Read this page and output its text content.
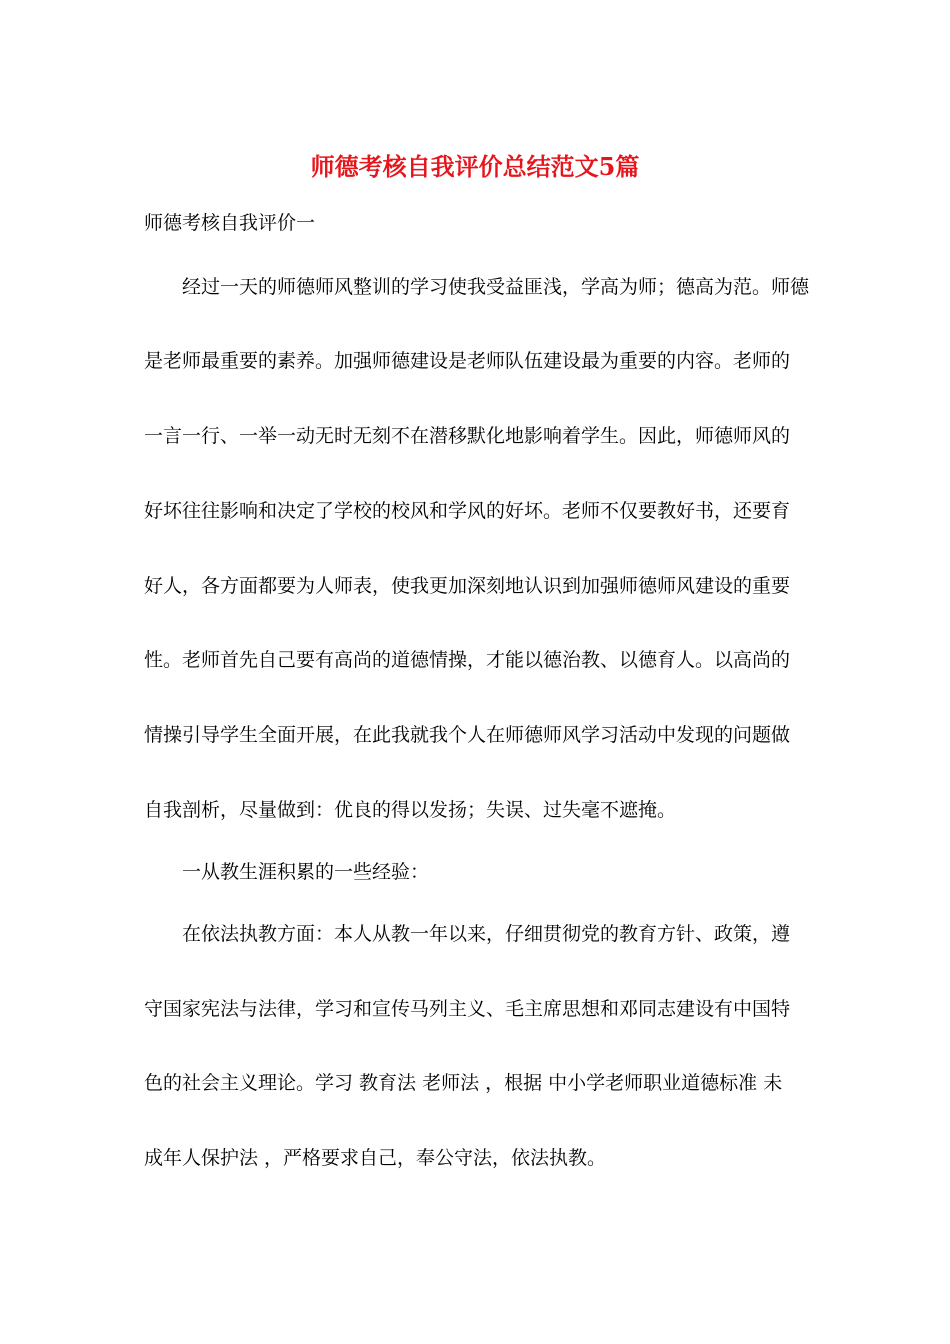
师德考核自我评价总结范文5篇

师德考核自我评价一

经过一天的师德师风整训的学习使我受益匪浅，学高为师；德高为范。师德

是老师最重要的素养。加强师德建设是老师队伍建设最为重要的内容。老师的

一言一行、一举一动无时无刻不在潜移默化地影响着学生。因此，师德师风的

好坏往往影响和决定了学校的校风和学风的好坏。老师不仅要教好书，还要育

好人，各方面都要为人师表，使我更加深刻地认识到加强师德师风建设的重要

性。老师首先自己要有高尚的道德情操，才能以德治教、以德育人。以高尚的

情操引导学生全面开展，在此我就我个人在师德师风学习活动中发现的问题做

自我剖析，尽量做到：优良的得以发扬；失误、过失毫不遮掩。

一从教生涯积累的一些经验：

在依法执教方面：本人从教一年以来，仔细贯彻党的教育方针、政策，遵

守国家宪法与法律，学习和宣传马列主义、毛主席思想和邓同志建设有中国特

色的社会主义理论。学习 教育法 老师法 ，根据 中小学老师职业道德标准 未

成年人保护法 ，严格要求自己，奉公守法，依法执教。
